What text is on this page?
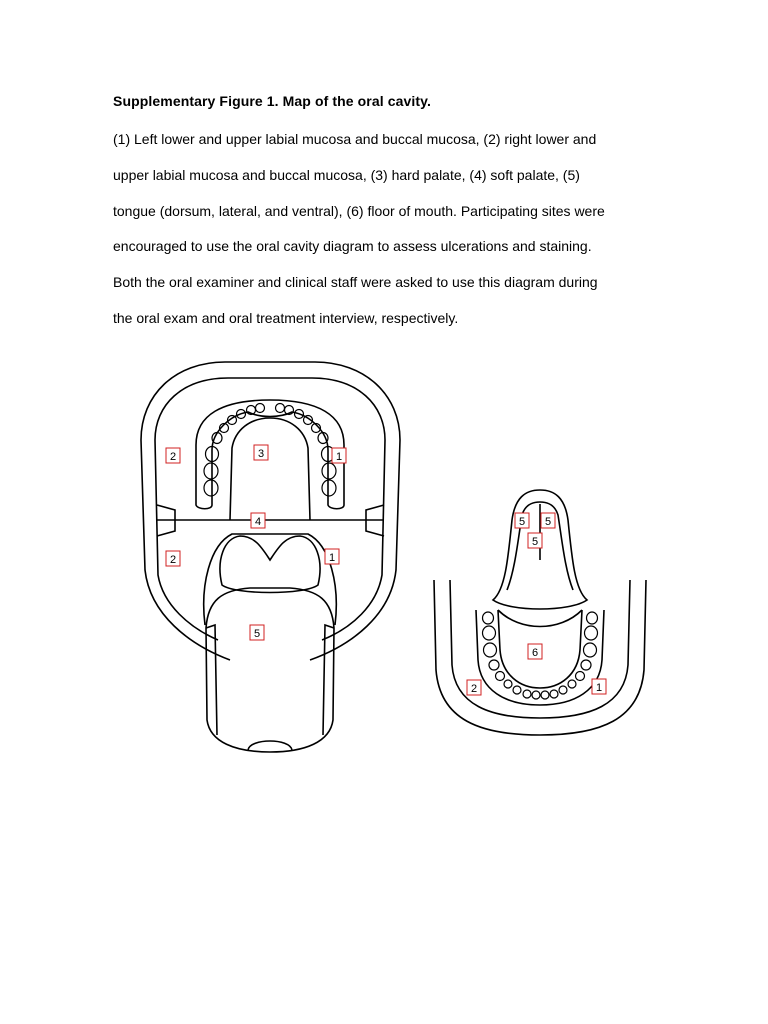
Supplementary Figure 1. Map of the oral cavity.
(1) Left lower and upper labial mucosa and buccal mucosa, (2) right lower and
upper labial mucosa and buccal mucosa, (3) hard palate, (4) soft palate, (5)
tongue (dorsum, lateral, and ventral), (6) floor of mouth. Participating sites were
encouraged to use the oral cavity diagram to assess ulcerations and staining.
Both the oral examiner and clinical staff were asked to use this diagram during
the oral exam and oral treatment interview, respectively.
2	3	1
4
2	1
5
5 5
5
6
2	1
